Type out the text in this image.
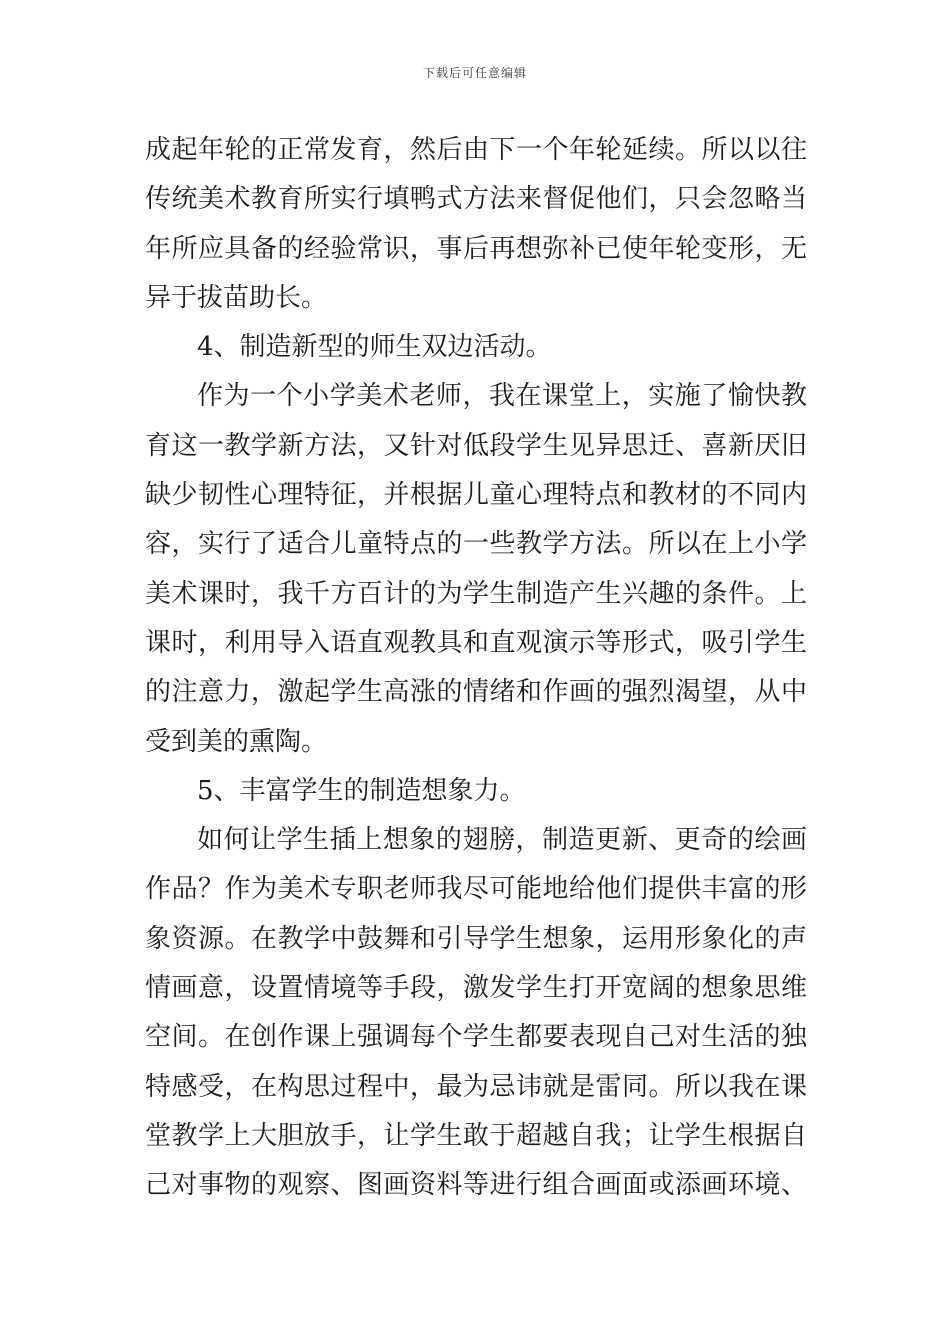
下载后可任意编辑
成起年轮的正常发育，然后由下一个年轮延续。所以以往
传统美术教育所实行填鸭式方法来督促他们，只会忽略当
年所应具备的经验常识，事后再想弥补已使年轮变形，无
异于拔苗助长。
4、制造新型的师生双边活动。
作为一个小学美术老师，我在课堂上，实施了愉快教
育这一教学新方法，又针对低段学生见异思迁、喜新厌旧
缺少韧性心理特征，并根据儿童心理特点和教材的不同内
容，实行了适合儿童特点的一些教学方法。所以在上小学
美术课时，我千方百计的为学生制造产生兴趣的条件。上
课时，利用导入语直观教具和直观演示等形式，吸引学生
的注意力，激起学生高涨的情绪和作画的强烈渴望，从中
受到美的熏陶。
5、丰富学生的制造想象力。
如何让学生插上想象的翅膀，制造更新、更奇的绘画
作品？作为美术专职老师我尽可能地给他们提供丰富的形
象资源。在教学中鼓舞和引导学生想象，运用形象化的声
情画意，设置情境等手段，激发学生打开宽阔的想象思维
空间。在创作课上强调每个学生都要表现自己对生活的独
特感受，在构思过程中，最为忌讳就是雷同。所以我在课
堂教学上大胆放手，让学生敢于超越自我；让学生根据自
己对事物的观察、图画资料等进行组合画面或添画环境、
